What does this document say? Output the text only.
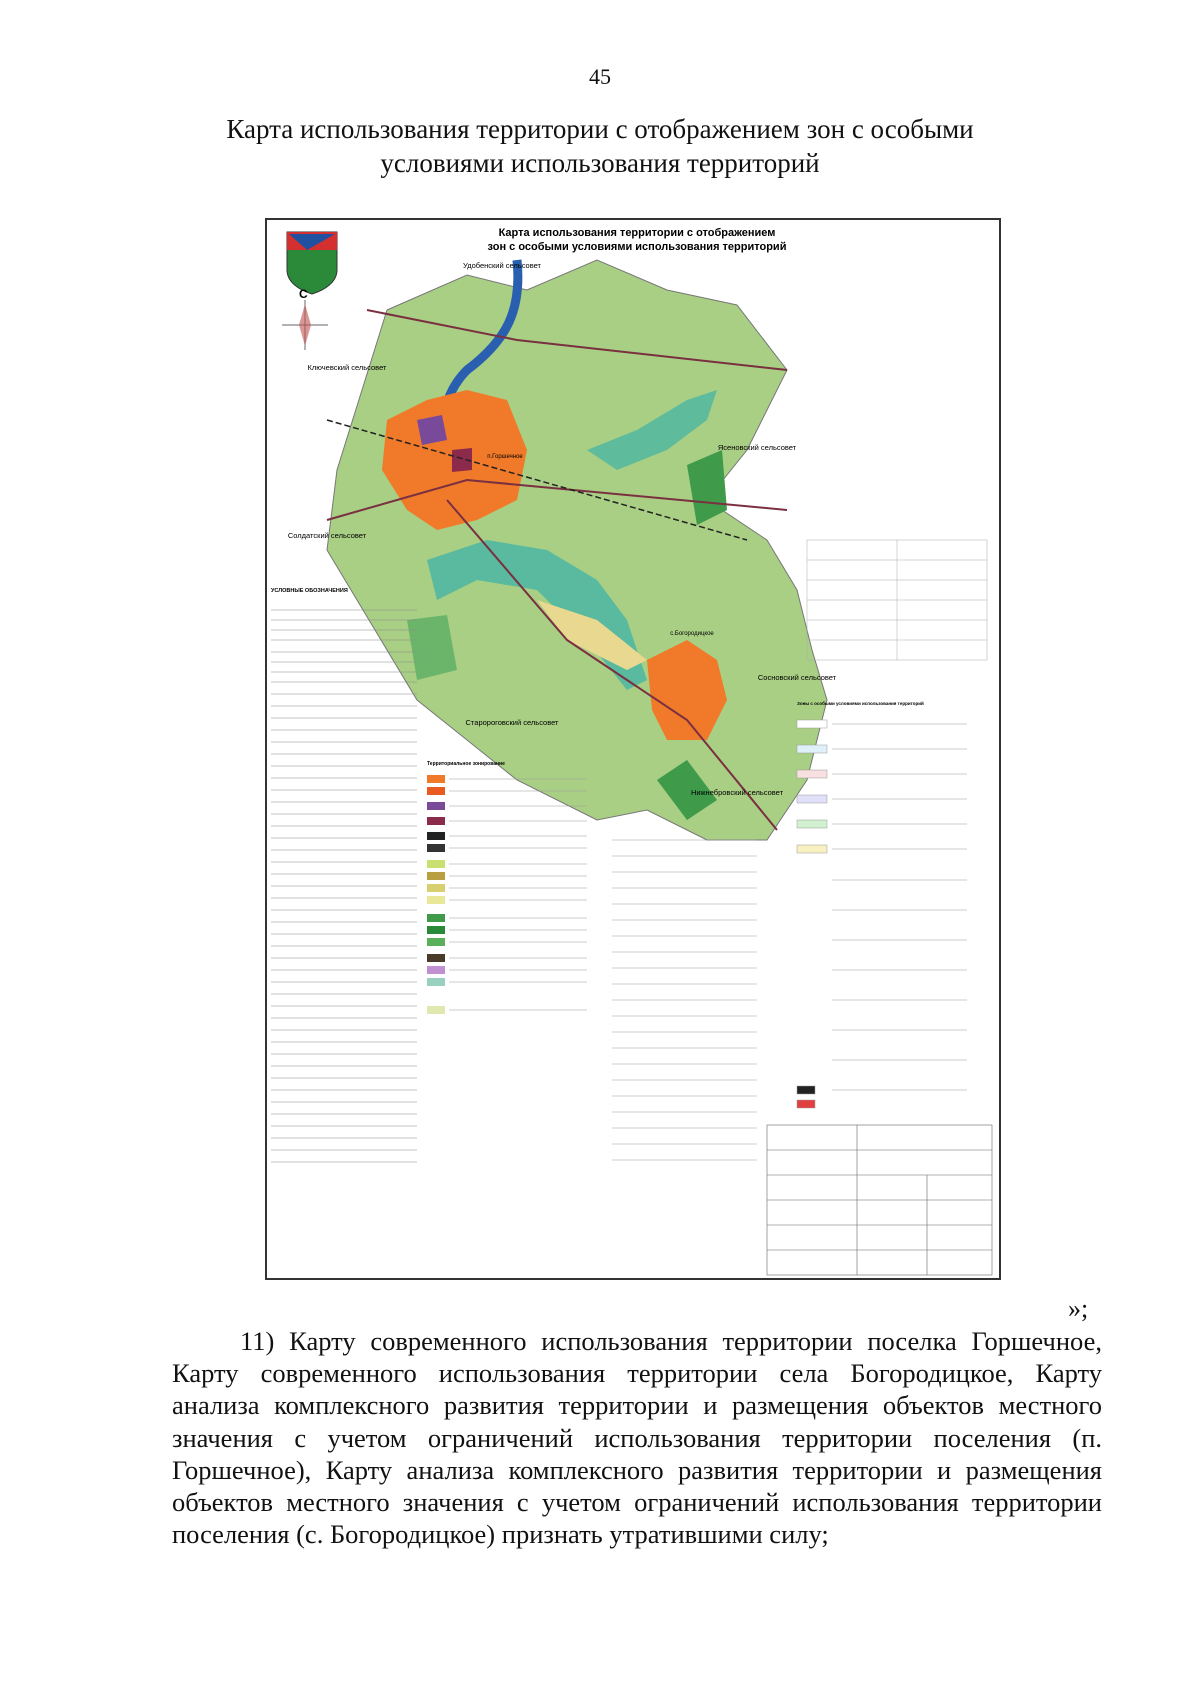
45
Карта использования территории с отображением зон с особыми
условиями использования территорий
С
Карта использования территории с отображением
зон с особыми условиями использования территорий
Удобенский сельсовет
Ключевский сельсовет
Ясеновский сельсовет
Солдатский сельсовет
Сосновский сельсовет
Старороговский сельсовет
Нижнебровский сельсовет
п.Горшечное
с.Богородицкое
УСЛОВНЫЕ ОБОЗНАЧЕНИЯ
Территориальное зонирование
Зоны с особыми условиями использования территорий
»;

11) Карту современного использования территории поселка Горшечное, Карту современного использования территории села Богородицкое, Карту анализа комплексного развития территории и размещения объектов местного значения с учетом ограничений использования территории поселения (п. Горшечное), Карту анализа комплексного развития территории и размещения объектов местного значения с учетом ограничений использования территории поселения (с. Богородицкое) признать утратившими силу;
